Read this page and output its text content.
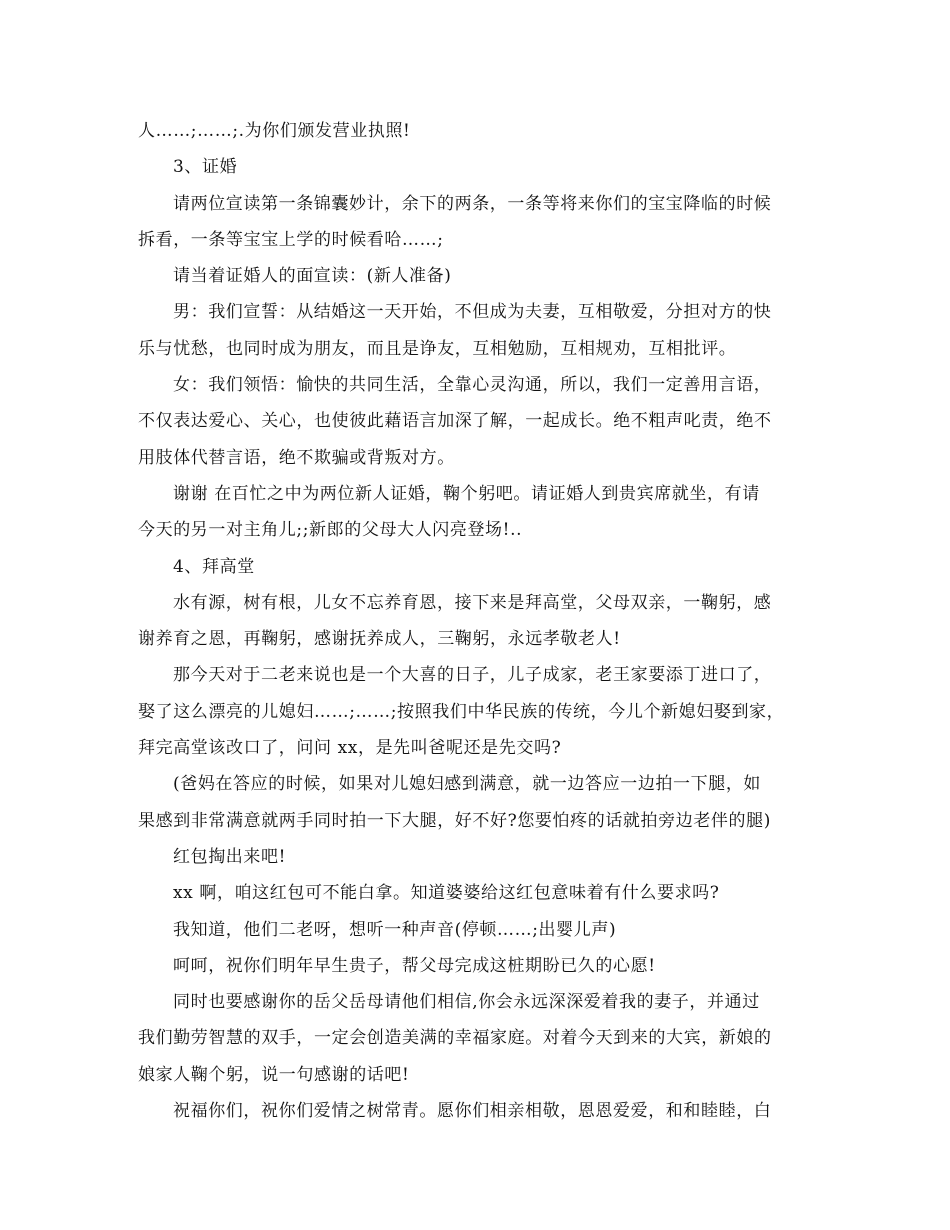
人……;……;.为你们颁发营业执照!
3、证婚
请两位宣读第一条锦囊妙计，余下的两条，一条等将来你们的宝宝降临的时候
拆看，一条等宝宝上学的时候看哈……;
请当着证婚人的面宣读：(新人准备)
男：我们宣誓：从结婚这一天开始，不但成为夫妻，互相敬爱，分担对方的快
乐与忧愁，也同时成为朋友，而且是诤友，互相勉励，互相规劝，互相批评。
女：我们领悟：愉快的共同生活，全靠心灵沟通，所以，我们一定善用言语，
不仅表达爱心、关心，也使彼此藉语言加深了解，一起成长。绝不粗声叱责，绝不
用肢体代替言语，绝不欺骗或背叛对方。
谢谢 在百忙之中为两位新人证婚，鞠个躬吧。请证婚人到贵宾席就坐，有请
今天的另一对主角儿;;新郎的父母大人闪亮登场!..
4、拜高堂
水有源，树有根，儿女不忘养育恩，接下来是拜高堂，父母双亲，一鞠躬，感
谢养育之恩，再鞠躬，感谢抚养成人，三鞠躬，永远孝敬老人!
那今天对于二老来说也是一个大喜的日子，儿子成家，老王家要添丁进口了，
娶了这么漂亮的儿媳妇……;……;按照我们中华民族的传统，今儿个新媳妇娶到家，
拜完高堂该改口了，问问 xx，是先叫爸呢还是先交吗?
(爸妈在答应的时候，如果对儿媳妇感到满意，就一边答应一边拍一下腿，如
果感到非常满意就两手同时拍一下大腿，好不好?您要怕疼的话就拍旁边老伴的腿)
红包掏出来吧!
xx 啊，咱这红包可不能白拿。知道婆婆给这红包意味着有什么要求吗?
我知道，他们二老呀，想听一种声音(停顿……;出婴儿声)
呵呵，祝你们明年早生贵子，帮父母完成这桩期盼已久的心愿!
同时也要感谢你的岳父岳母请他们相信,你会永远深深爱着我的妻子，并通过
我们勤劳智慧的双手，一定会创造美满的幸福家庭。对着今天到来的大宾，新娘的
娘家人鞠个躬，说一句感谢的话吧!
祝福你们，祝你们爱情之树常青。愿你们相亲相敬，恩恩爱爱，和和睦睦，白
